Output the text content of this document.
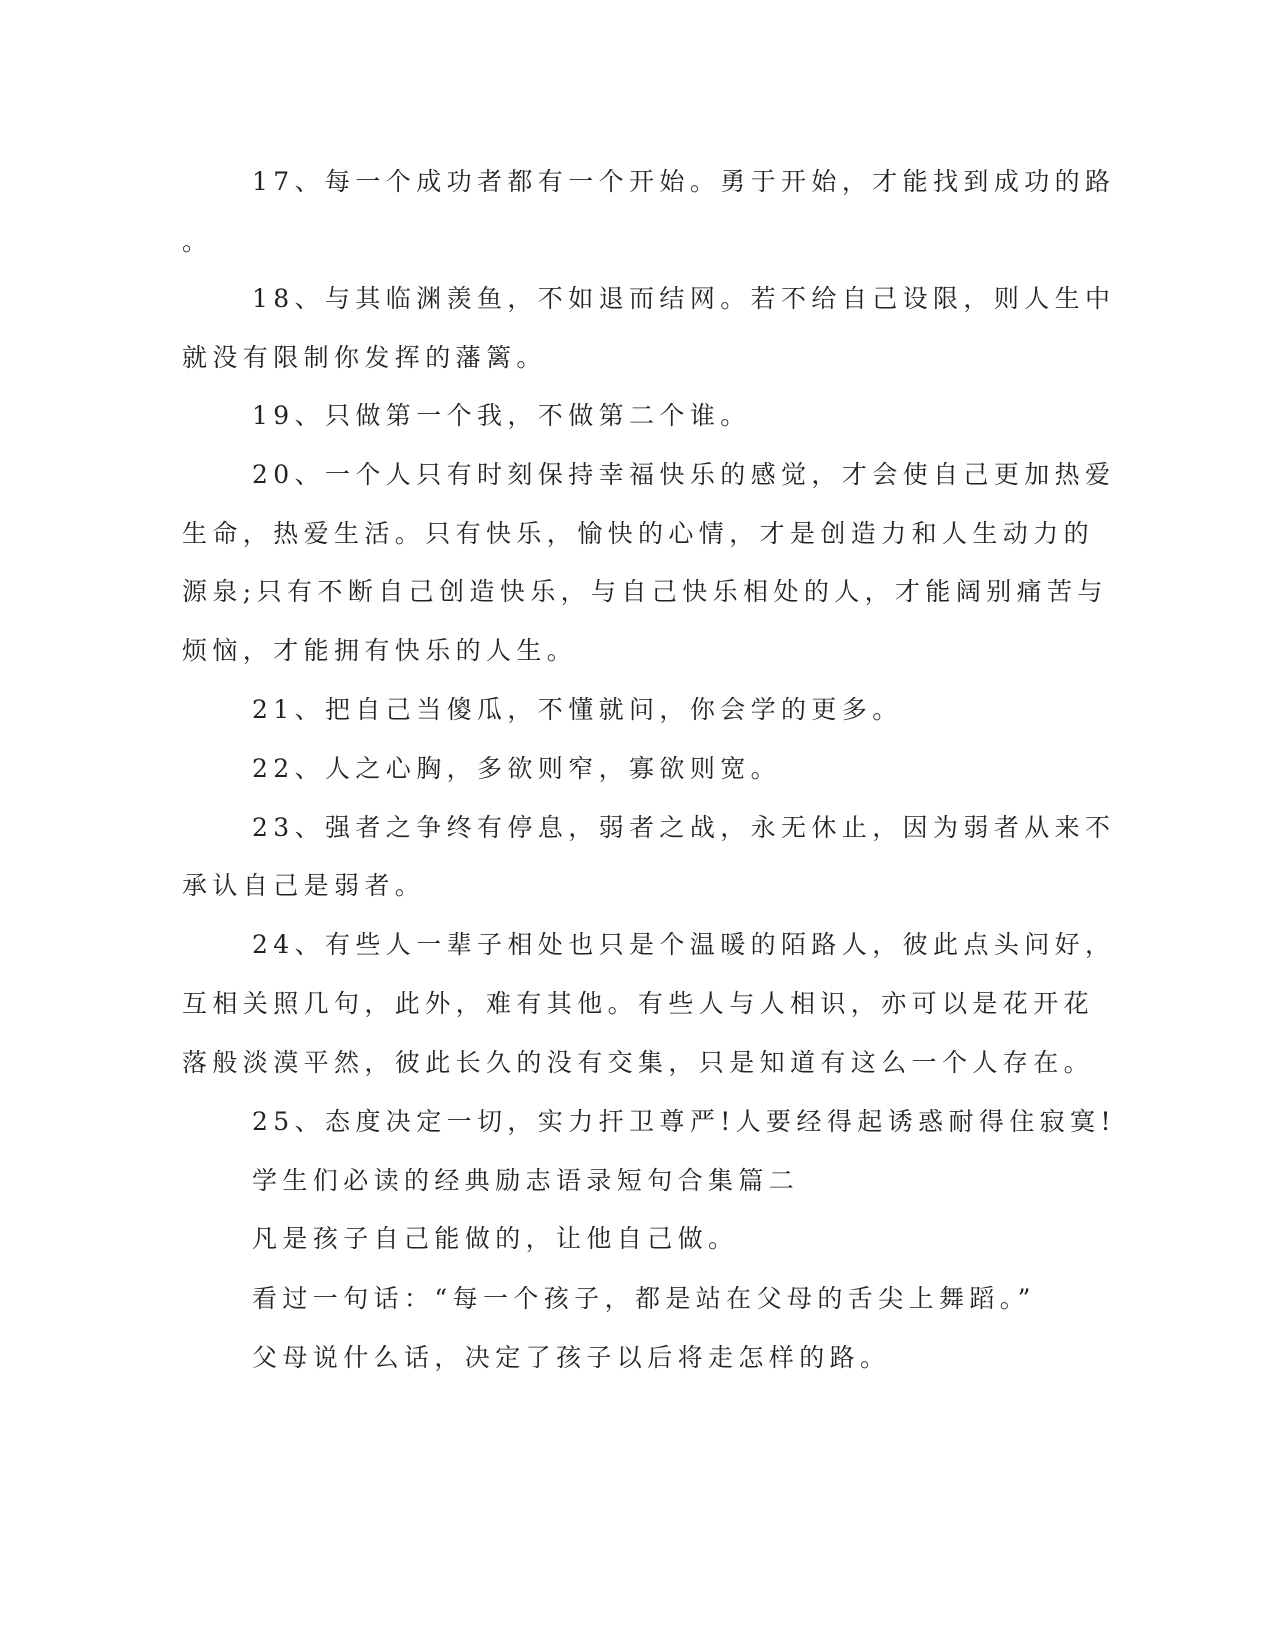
17、每一个成功者都有一个开始。勇于开始，才能找到成功的路
。
18、与其临渊羡鱼，不如退而结网。若不给自己设限，则人生中
就没有限制你发挥的藩篱。
19、只做第一个我，不做第二个谁。
20、一个人只有时刻保持幸福快乐的感觉，才会使自己更加热爱
生命，热爱生活。只有快乐，愉快的心情，才是创造力和人生动力的
源泉;只有不断自己创造快乐，与自己快乐相处的人，才能阔别痛苦与
烦恼，才能拥有快乐的人生。
21、把自己当傻瓜，不懂就问，你会学的更多。
22、人之心胸，多欲则窄，寡欲则宽。
23、强者之争终有停息，弱者之战，永无休止，因为弱者从来不
承认自己是弱者。
24、有些人一辈子相处也只是个温暖的陌路人，彼此点头问好，
互相关照几句，此外，难有其他。有些人与人相识，亦可以是花开花
落般淡漠平然，彼此长久的没有交集，只是知道有这么一个人存在。
25、态度决定一切，实力扞卫尊严!人要经得起诱惑耐得住寂寞!
学生们必读的经典励志语录短句合集篇二
凡是孩子自己能做的，让他自己做。
看过一句话：“每一个孩子，都是站在父母的舌尖上舞蹈。”
父母说什么话，决定了孩子以后将走怎样的路。
